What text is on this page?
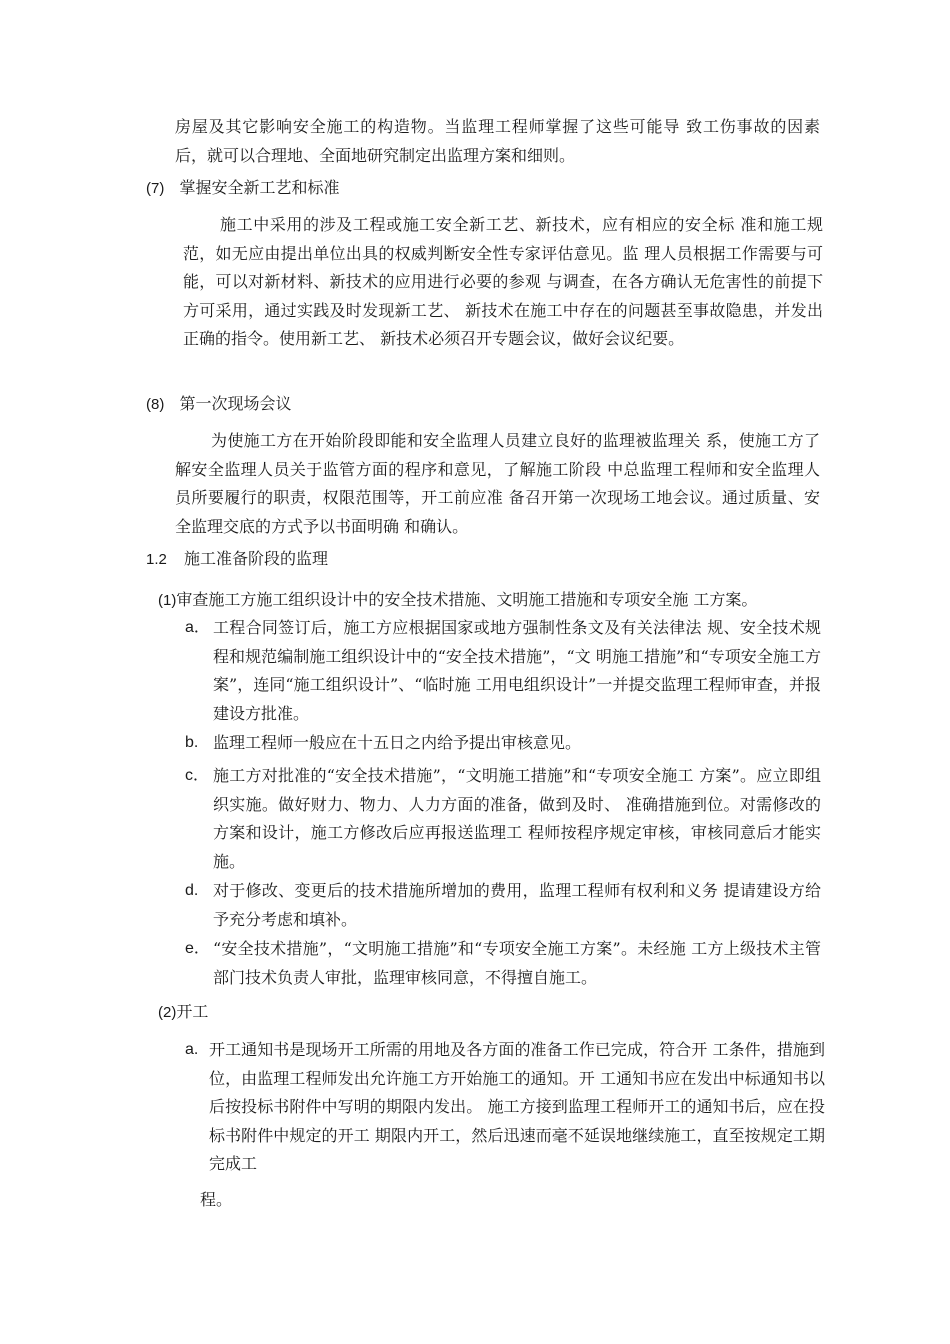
房屋及其它影响安全施工的构造物。当监理工程师掌握了这些可能导 致工伤事故的因素后，就可以合理地、全面地研究制定出监理方案和细则。

(7) 掌握安全新工艺和标准

施工中采用的涉及工程或施工安全新工艺、新技术，应有相应的安全标 准和施工规范，如无应由提出单位出具的权威判断安全性专家评估意见。监 理人员根据工作需要与可能，可以对新材料、新技术的应用进行必要的参观 与调查，在各方确认无危害性的前提下方可采用，通过实践及时发现新工艺、 新技术在施工中存在的问题甚至事故隐患，并发出正确的指令。使用新工艺、 新技术必须召开专题会议，做好会议纪要。

(8) 第一次现场会议

为使施工方在开始阶段即能和安全监理人员建立良好的监理被监理关 系，使施工方了解安全监理人员关于监管方面的程序和意见，了解施工阶段 中总监理工程师和安全监理人员所要履行的职责，权限范围等，开工前应准 备召开第一次现场工地会议。通过质量、安全监理交底的方式予以书面明确 和确认。

1.2 施工准备阶段的监理
(1)审查施工方施工组织设计中的安全技术措施、文明施工措施和专项安全施 工方案。
a． 工程合同签订后，施工方应根据国家或地方强制性条文及有关法律法 规、安全技术规程和规范编制施工组织设计中的“安全技术措施”，“文 明施工措施”和“专项安全施工方案”，连同“施工组织设计”、“临时施 工用电组织设计”一并提交监理工程师审查，并报建设方批准。
b. 监理工程师一般应在十五日之内给予提出审核意见。
c． 施工方对批准的“安全技术措施”，“文明施工措施”和“专项安全施工 方案”。应立即组织实施。做好财力、物力、人力方面的准备，做到及时、 准确措施到位。对需修改的方案和设计，施工方修改后应再报送监理工 程师按程序规定审核，审核同意后才能实施。
d. 对于修改、变更后的技术措施所增加的费用，监理工程师有权利和义务 提请建设方给予充分考虑和填补。
e． “安全技术措施”，“文明施工措施”和“专项安全施工方案”。未经施 工方上级技术主管部门技术负责人审批，监理审核同意，不得擅自施工。
(2)开工
a. 开工通知书是现场开工所需的用地及各方面的准备工作已完成，符合开 工条件，措施到位，由监理工程师发出允许施工方开始施工的通知。开 工通知书应在发出中标通知书以后按投标书附件中写明的期限内发出。 施工方接到监理工程师开工的通知书后，应在投标书附件中规定的开工 期限内开工，然后迅速而毫不延误地继续施工，直至按规定工期完成工

程。
